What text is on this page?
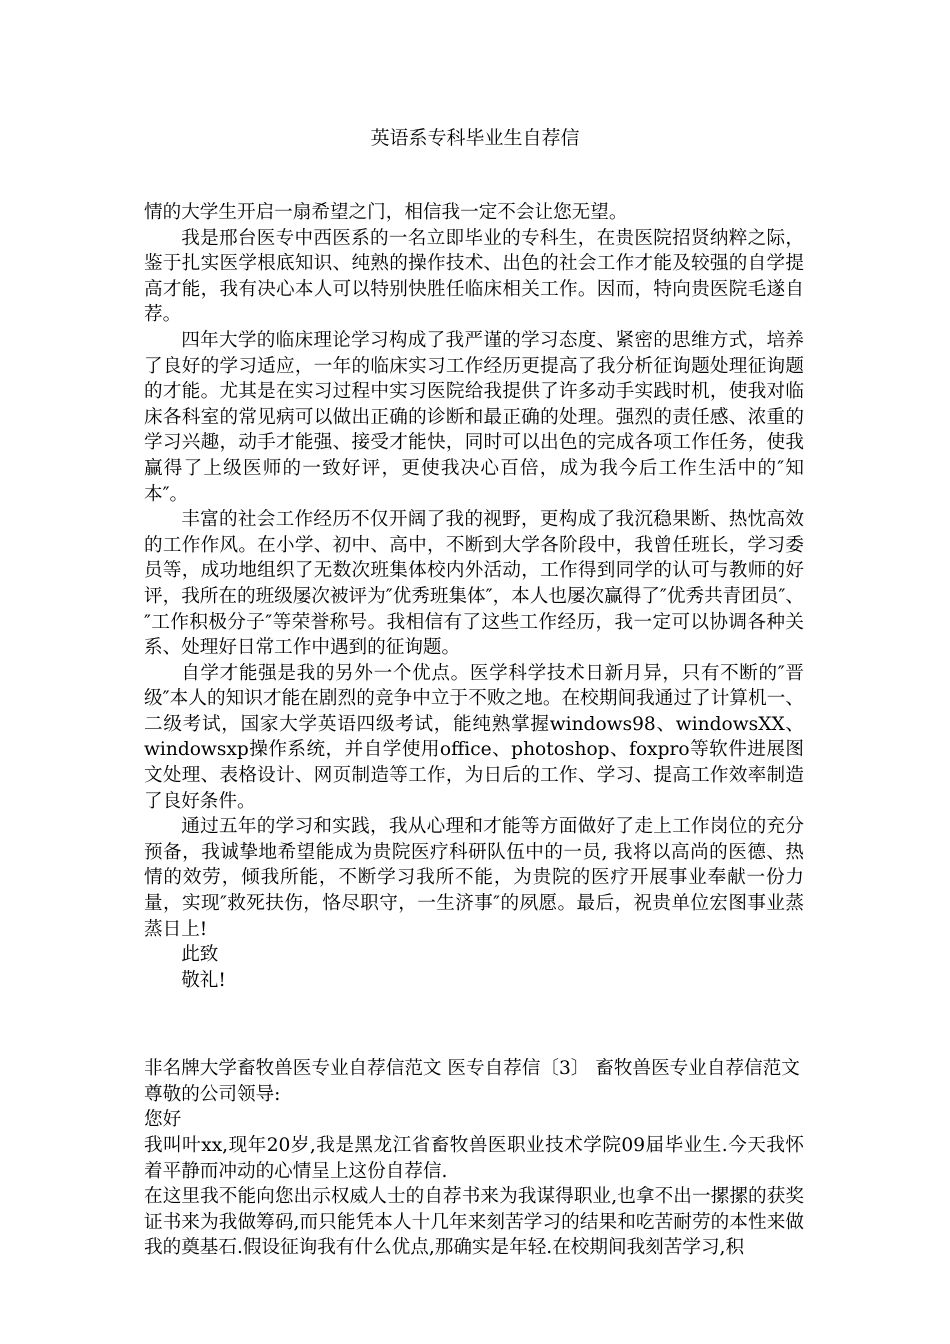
英语系专科毕业生自荐信

情的大学生开启一扇希望之门，相信我一定不会让您无望。

我是邢台医专中西医系的一名立即毕业的专科生，在贵医院招贤纳粹之际，鉴于扎实医学根底知识、纯熟的操作技术、出色的社会工作才能及较强的自学提高才能，我有决心本人可以特别快胜任临床相关工作。因而，特向贵医院毛遂自荐。

四年大学的临床理论学习构成了我严谨的学习态度、紧密的思维方式，培养了良好的学习适应，一年的临床实习工作经历更提高了我分析征询题处理征询题的才能。尤其是在实习过程中实习医院给我提供了许多动手实践时机，使我对临床各科室的常见病可以做出正确的诊断和最正确的处理。强烈的责任感、浓重的学习兴趣，动手才能强、接受才能快，同时可以出色的完成各项工作任务，使我赢得了上级医师的一致好评，更使我决心百倍，成为我今后工作生活中的″知本″。

丰富的社会工作经历不仅开阔了我的视野，更构成了我沉稳果断、热忱高效的工作作风。在小学、初中、高中，不断到大学各阶段中，我曾任班长，学习委员等，成功地组织了无数次班集体校内外活动，工作得到同学的认可与教师的好评，我所在的班级屡次被评为″优秀班集体″，本人也屡次赢得了″优秀共青团员″、″工作积极分子″等荣誉称号。我相信有了这些工作经历，我一定可以协调各种关系、处理好日常工作中遇到的征询题。

自学才能强是我的另外一个优点。医学科学技术日新月异，只有不断的″晋级″本人的知识才能在剧烈的竞争中立于不败之地。在校期间我通过了计算机一、二级考试，国家大学英语四级考试，能纯熟掌握windows98、windowsXX、windowsxp操作系统，并自学使用office、photoshop、foxpro等软件进展图文处理、表格设计、网页制造等工作，为日后的工作、学习、提高工作效率制造了良好条件。

通过五年的学习和实践，我从心理和才能等方面做好了走上工作岗位的充分预备，我诚挚地希望能成为贵院医疗科研队伍中的一员, 我将以高尚的医德、热情的效劳，倾我所能，不断学习我所不能，为贵院的医疗开展事业奉献一份力量，实现″救死扶伤，恪尽职守，一生济事″的夙愿。最后，祝贵单位宏图事业蒸蒸日上!

此致

敬礼!

非名牌大学畜牧兽医专业自荐信范文 医专自荐信〔3〕 畜牧兽医专业自荐信范文

尊敬的公司领导:

您好

我叫叶xx,现年20岁,我是黑龙江省畜牧兽医职业技术学院09届毕业生.今天我怀着平静而冲动的心情呈上这份自荐信.

在这里我不能向您出示权威人士的自荐书来为我谋得职业,也拿不出一摞摞的获奖证书来为我做筹码,而只能凭本人十几年来刻苦学习的结果和吃苦耐劳的本性来做我的奠基石.假设征询我有什么优点,那确实是年轻.在校期间我刻苦学习,积
